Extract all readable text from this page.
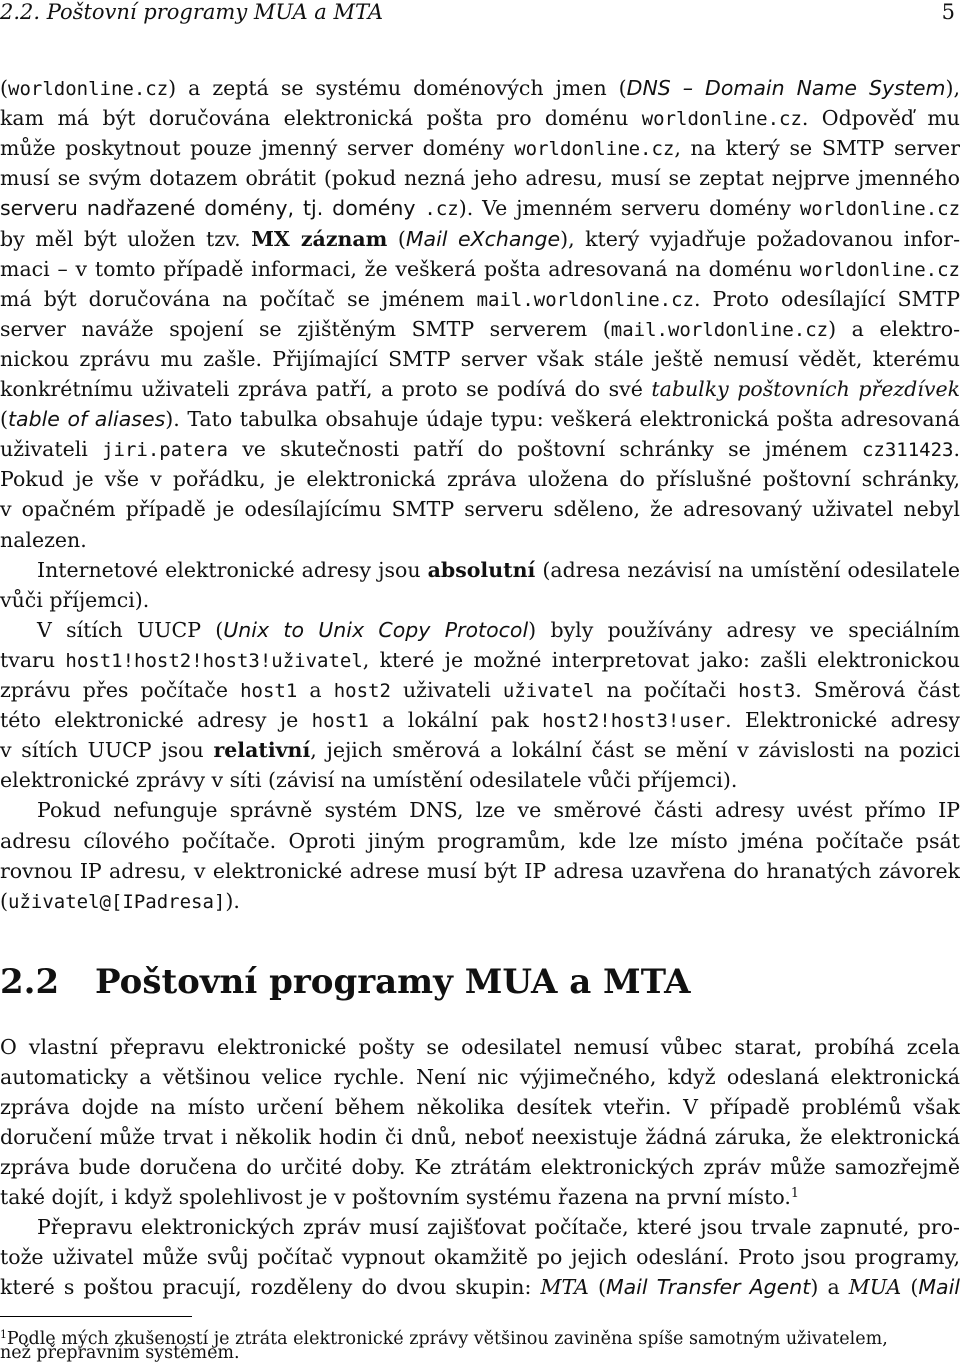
2.2. Poštovní programy MUA a MTA	5
(worldonline.cz) a zeptá se systému doménových jmen (DNS – Domain Name System),
kam má být doručována elektronická pošta pro doménu worldonline.cz. Odpověď mu
může poskytnout pouze jmenný server domény worldonline.cz, na který se SMTP server
musí se svým dotazem obrátit (pokud nezná jeho adresu, musí se zeptat nejprve jmenného
serveru nadřazené domény, tj. domény .cz). Ve jmenném serveru domény worldonline.cz
by měl být uložen tzv. MX záznam (Mail eXchange), který vyjadřuje požadovanou infor-
maci – v tomto případě informaci, že veškerá pošta adresovaná na doménu worldonline.cz
má být doručována na počítač se jménem mail.worldonline.cz. Proto odesílající SMTP
server naváže spojení se zjištěným SMTP serverem (mail.worldonline.cz) a elektro-
nickou zprávu mu zašle. Přijímající SMTP server však stále ještě nemusí vědět, kterému
konkrétnímu uživateli zpráva patří, a proto se podívá do své tabulky poštovních přezdívek
(table of aliases). Tato tabulka obsahuje údaje typu: veškerá elektronická pošta adresovaná
uživateli jiri.patera ve skutečnosti patří do poštovní schránky se jménem cz311423.
Pokud je vše v pořádku, je elektronická zpráva uložena do příslušné poštovní schránky,
v opačném případě je odesílajícímu SMTP serveru sděleno, že adresovaný uživatel nebyl
nalezen.
Internetové elektronické adresy jsou absolutní (adresa nezávisí na umístění odesilatele
vůči příjemci).
V sítích UUCP (Unix to Unix Copy Protocol) byly používány adresy ve speciálním
tvaru host1!host2!host3!uživatel, které je možné interpretovat jako: zašli elektronickou
zprávu přes počítače host1 a host2 uživateli uživatel na počítači host3. Směrová část
této elektronické adresy je host1 a lokální pak host2!host3!user. Elektronické adresy
v sítích UUCP jsou relativní, jejich směrová a lokální část se mění v závislosti na pozici
elektronické zprávy v síti (závisí na umístění odesilatele vůči příjemci).
Pokud nefunguje správně systém DNS, lze ve směrové části adresy uvést přímo IP
adresu cílového počítače. Oproti jiným programům, kde lze místo jména počítače psát
rovnou IP adresu, v elektronické adrese musí být IP adresa uzavřena do hranatých závorek
(uživatel@[IPadresa]).
2.2 Poštovní programy MUA a MTA
O vlastní přepravu elektronické pošty se odesilatel nemusí vůbec starat, probíhá zcela
automaticky a většinou velice rychle. Není nic výjimečného, když odeslaná elektronická
zpráva dojde na místo určení během několika desítek vteřin. V případě problémů však
doručení může trvat i několik hodin či dnů, neboť neexistuje žádná záruka, že elektronická
zpráva bude doručena do určité doby. Ke ztrátám elektronických zpráv může samozřejmě
také dojít, i když spolehlivost je v poštovním systému řazena na první místo.$^1$
Přepravu elektronických zpráv musí zajišťovat počítače, které jsou trvale zapnuté, pro-
tože uživatel může svůj počítač vypnout okamžitě po jejich odeslání. Proto jsou programy,
které s poštou pracují, rozděleny do dvou skupin: MTA (Mail Transfer Agent) a MUA (Mail
$^1$Podle mých zkušeností je ztráta elektronické zprávy většinou zaviněna spíše samotným uživatelem,
než přepravním systémem.
